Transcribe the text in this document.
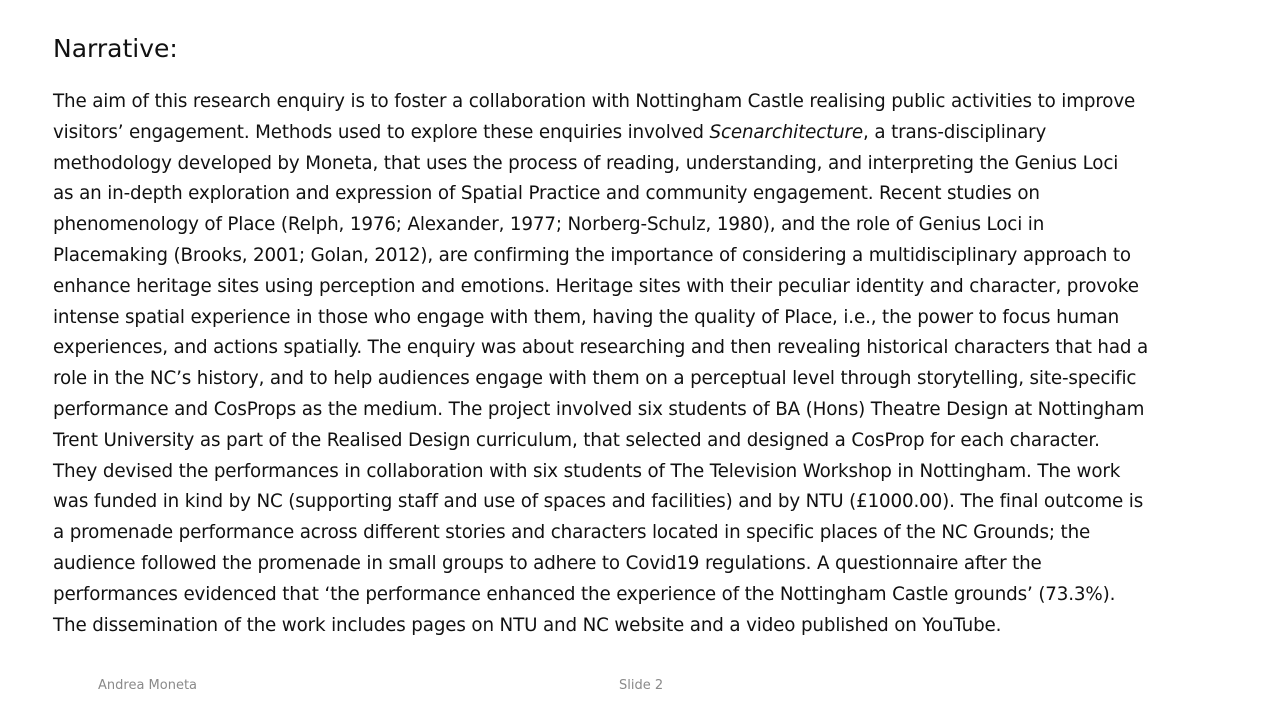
Narrative:
The aim of this research enquiry is to foster a collaboration with Nottingham Castle realising public activities to improve
visitors’ engagement. Methods used to explore these enquiries involved Scenarchitecture, a trans-disciplinary
methodology developed by Moneta, that uses the process of reading, understanding, and interpreting the Genius Loci
as an in-depth exploration and expression of Spatial Practice and community engagement. Recent studies on
phenomenology of Place (Relph, 1976; Alexander, 1977; Norberg-Schulz, 1980), and the role of Genius Loci in
Placemaking (Brooks, 2001; Golan, 2012), are confirming the importance of considering a multidisciplinary approach to
enhance heritage sites using perception and emotions. Heritage sites with their peculiar identity and character, provoke
intense spatial experience in those who engage with them, having the quality of Place, i.e., the power to focus human
experiences, and actions spatially. The enquiry was about researching and then revealing historical characters that had a
role in the NC’s history, and to help audiences engage with them on a perceptual level through storytelling, site-specific
performance and CosProps as the medium. The project involved six students of BA (Hons) Theatre Design at Nottingham
Trent University as part of the Realised Design curriculum, that selected and designed a CosProp for each character.
They devised the performances in collaboration with six students of The Television Workshop in Nottingham. The work
was funded in kind by NC (supporting staff and use of spaces and facilities) and by NTU (£1000.00). The final outcome is
a promenade performance across different stories and characters located in specific places of the NC Grounds; the
audience followed the promenade in small groups to adhere to Covid19 regulations. A questionnaire after the
performances evidenced that ‘the performance enhanced the experience of the Nottingham Castle grounds’ (73.3%).
The dissemination of the work includes pages on NTU and NC website and a video published on YouTube.
Andrea Moneta	Slide 2
